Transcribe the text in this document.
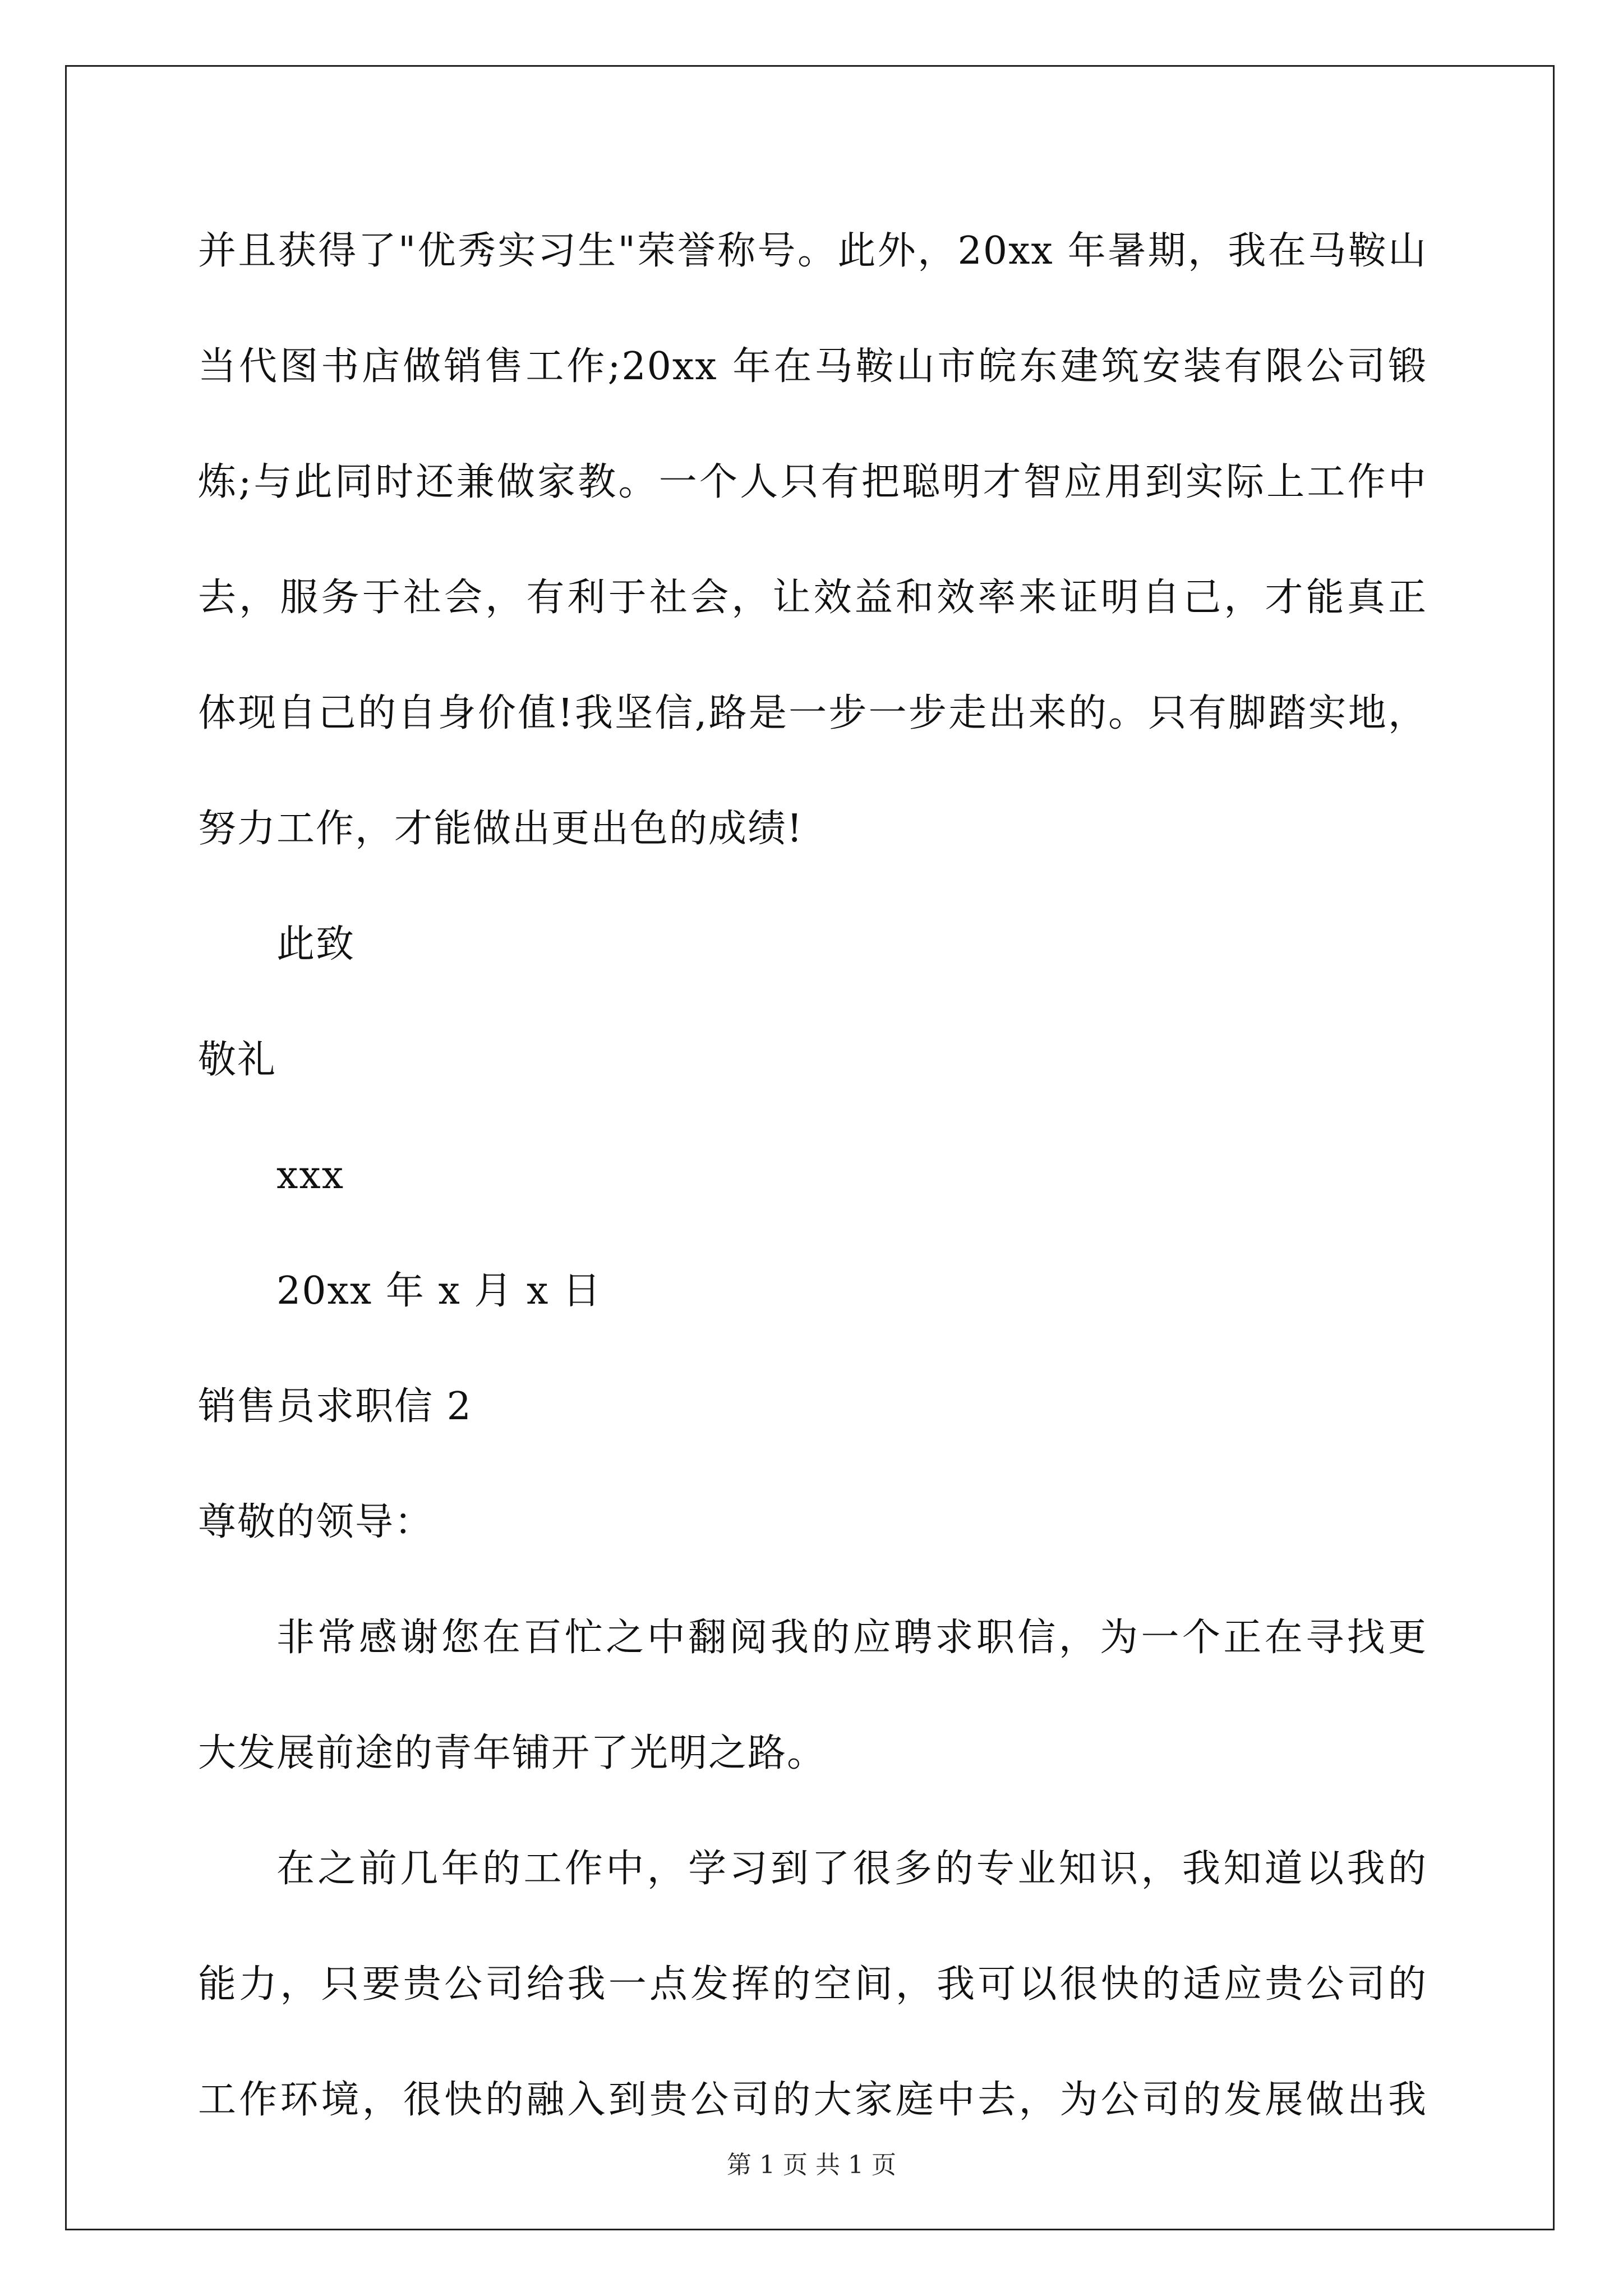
并且获得了"优秀实习生"荣誉称号。此外，20xx 年暑期，我在马鞍山
当代图书店做销售工作;20xx 年在马鞍山市皖东建筑安装有限公司锻
炼;与此同时还兼做家教。一个人只有把聪明才智应用到实际上工作中
去，服务于社会，有利于社会，让效益和效率来证明自己，才能真正
体现自己的自身价值!我坚信,路是一步一步走出来的。只有脚踏实地，
努力工作，才能做出更出色的成绩!
此致
敬礼
xxx
20xx 年 x 月 x 日
销售员求职信 2
尊敬的领导：
非常感谢您在百忙之中翻阅我的应聘求职信，为一个正在寻找更
大发展前途的青年铺开了光明之路。
在之前几年的工作中，学习到了很多的专业知识，我知道以我的
能力，只要贵公司给我一点发挥的空间，我可以很快的适应贵公司的
工作环境，很快的融入到贵公司的大家庭中去，为公司的发展做出我
第 1 页 共 1 页
